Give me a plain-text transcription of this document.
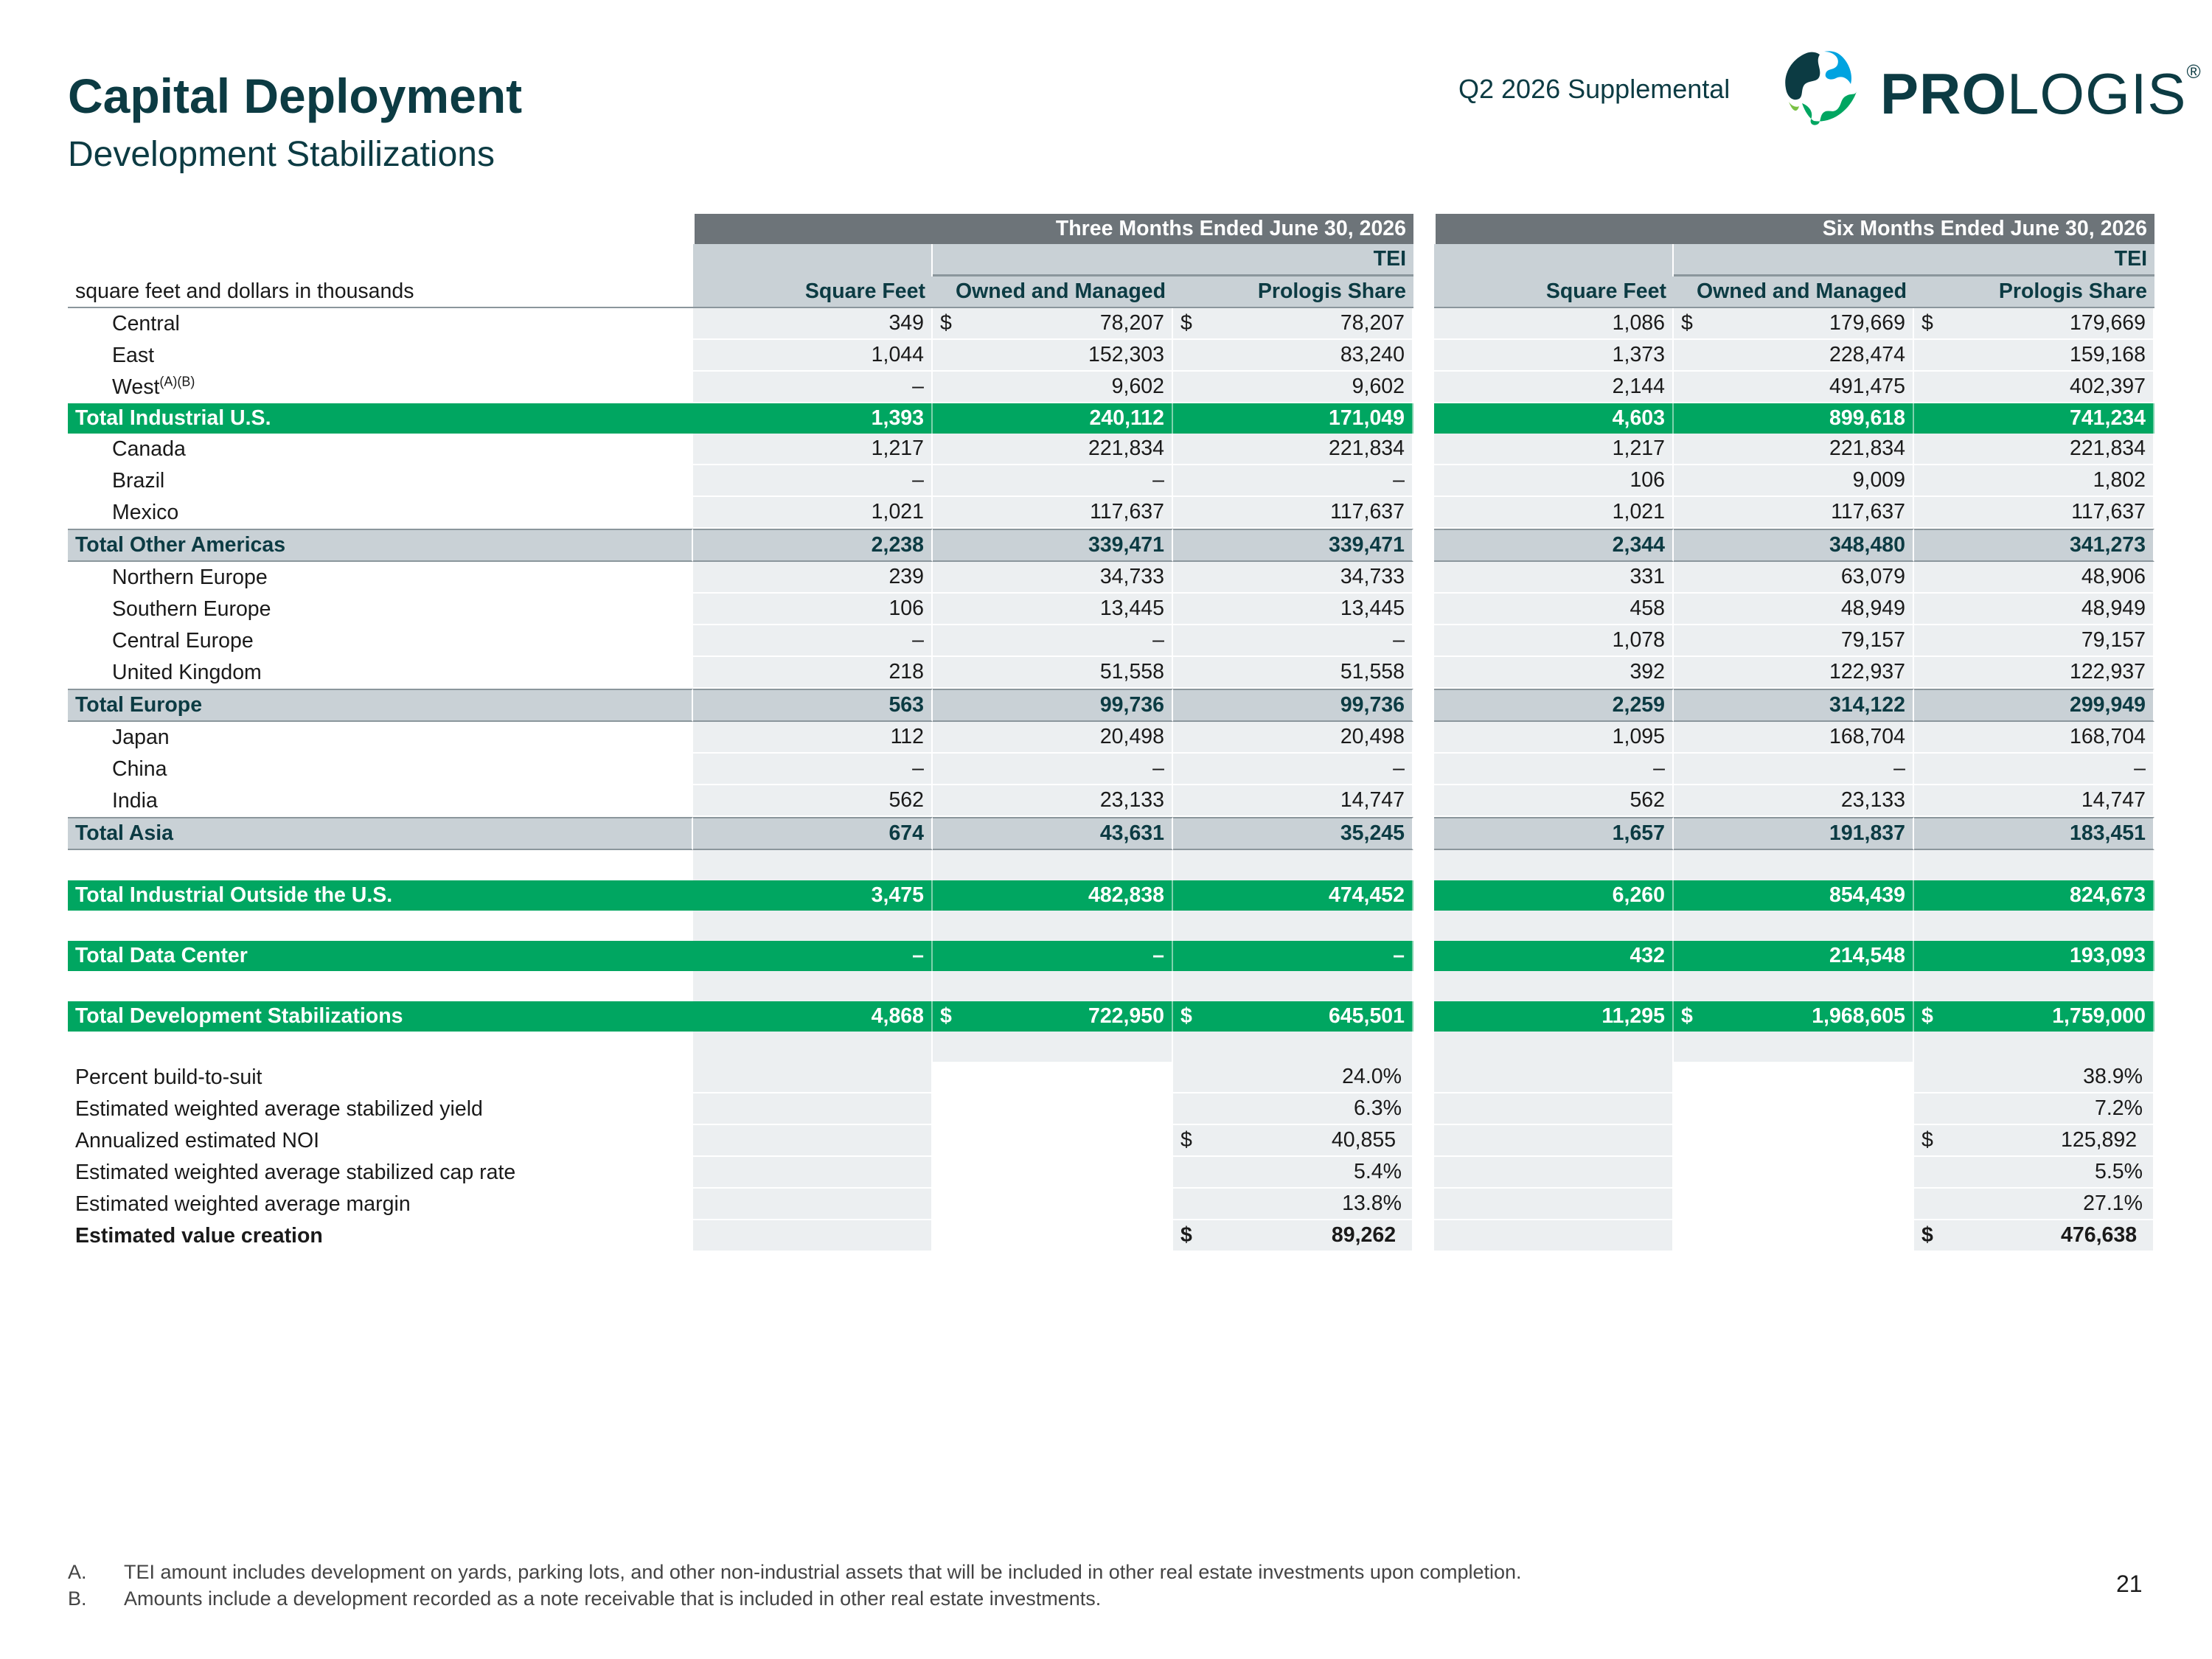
Capital Deployment
Development Stabilizations
Q2 2026 Supplemental	PROLOGIS®
	Three Months Ended June 30, 2026				Six Months Ended June 30, 2026		
		TEI				TEI	
square feet and dollars in thousands	Square Feet	Owned and Managed	Prologis Share		Square Feet	Owned and Managed	Prologis Share
Central	349	$ 78,207	$ 78,207		1,086	$ 179,669	$ 179,669
East	1,044	152,303	83,240		1,373	228,474	159,168
West$^{(A)(B)}$	–	9,602	9,602		2,144	491,475	402,397
Total Industrial U.S.	1,393	240,112	171,049		4,603	899,618	741,234
Canada	1,217	221,834	221,834		1,217	221,834	221,834
Brazil	–	–	–		106	9,009	1,802
Mexico	1,021	117,637	117,637		1,021	117,637	117,637
Total Other Americas	2,238	339,471	339,471		2,344	348,480	341,273
Northern Europe	239	34,733	34,733		331	63,079	48,906
Southern Europe	106	13,445	13,445		458	48,949	48,949
Central Europe	–	–	–		1,078	79,157	79,157
United Kingdom	218	51,558	51,558		392	122,937	122,937
Total Europe	563	99,736	99,736		2,259	314,122	299,949
Japan	112	20,498	20,498		1,095	168,704	168,704
China	–	–	–		–	–	–
India	562	23,133	14,747		562	23,133	14,747
Total Asia	674	43,631	35,245		1,657	191,837	183,451

Total Industrial Outside the U.S.	3,475	482,838	474,452		6,260	854,439	824,673

Total Data Center	–	–	–		432	214,548	193,093

Total Development Stabilizations	4,868	$ 722,950	$ 645,501		11,295	$ 1,968,605	$ 1,759,000

Percent build-to-suit			24.0%				38.9%
Estimated weighted average stabilized yield			6.3%				7.2%
Annualized estimated NOI			$ 40,855				$ 125,892
Estimated weighted average stabilized cap rate			5.4%				5.5%
Estimated weighted average margin			13.8%				27.1%
Estimated value creation			$ 89,262				$ 476,638
A. TEI amount includes development on yards, parking lots, and other non-industrial assets that will be included in other real estate investments upon completion.
B. Amounts include a development recorded as a note receivable that is included in other real estate investments.
21
